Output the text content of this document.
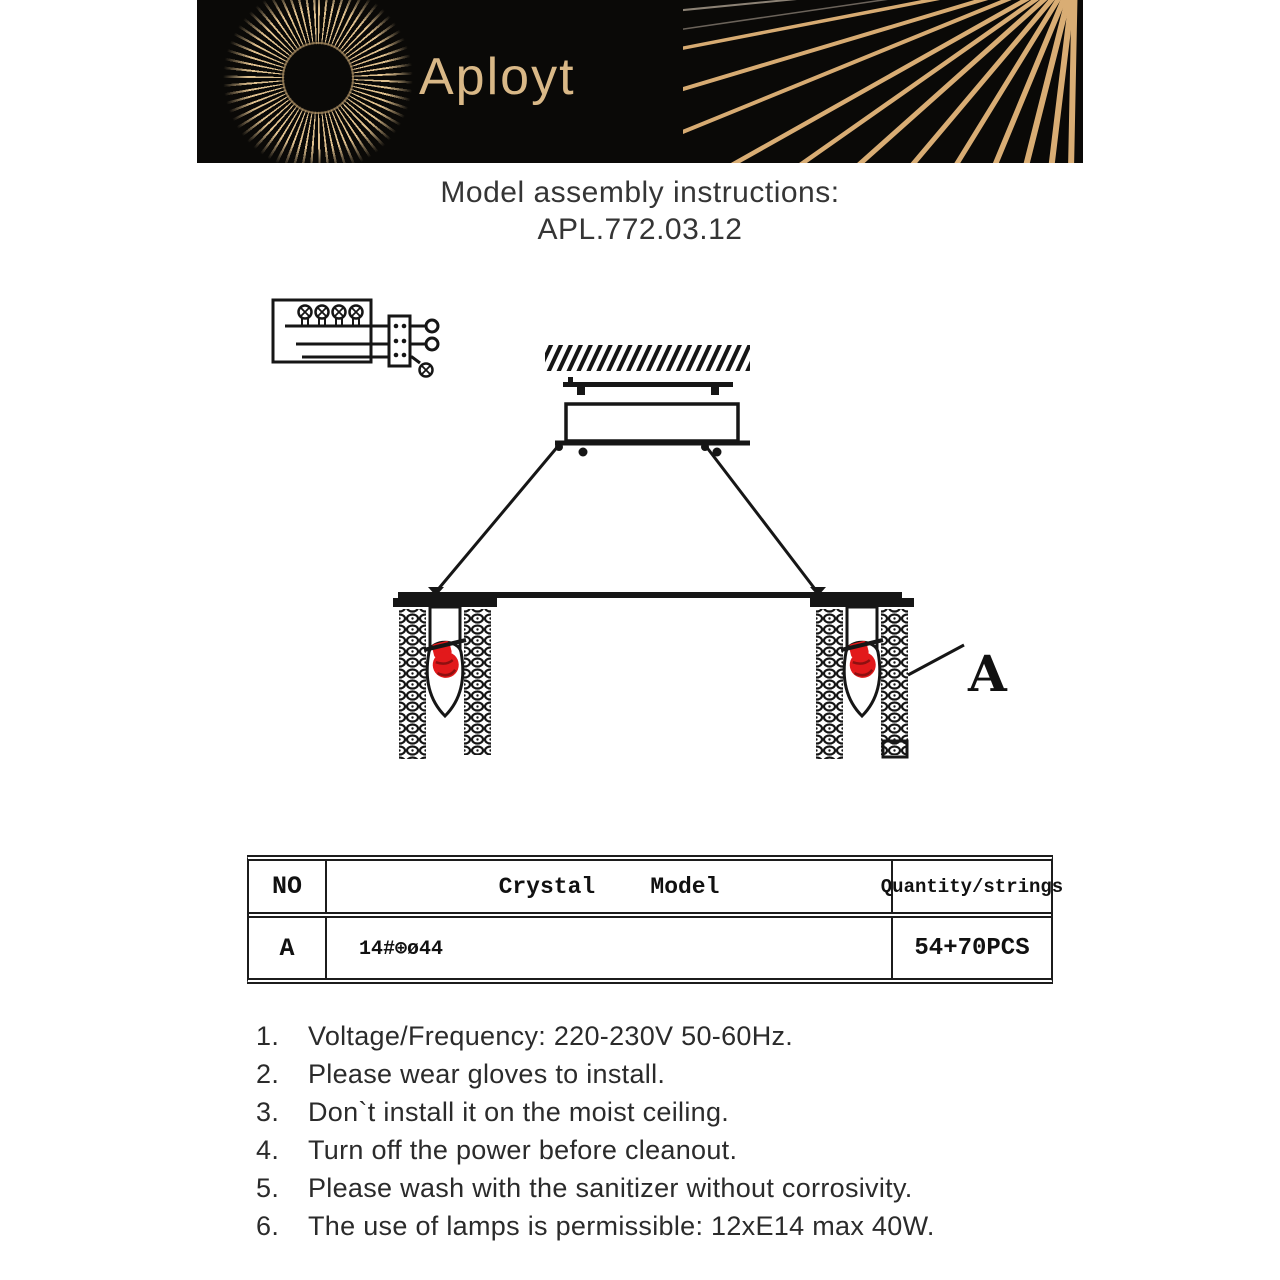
Aployt
Model assembly instructions:
APL.772.03.12
A
NO	Crystal    Model	Quantity/strings
A	14#⊕ø44	54+70PCS
1.	Voltage/Frequency: 220-230V 50-60Hz.
2.	Please wear gloves to install.
3.	Don`t install it on the moist ceiling.
4.	Turn off the power before cleanout.
5.	Please wash with the sanitizer without corrosivity.
6.	The use of lamps is permissible: 12xE14 max 40W.
